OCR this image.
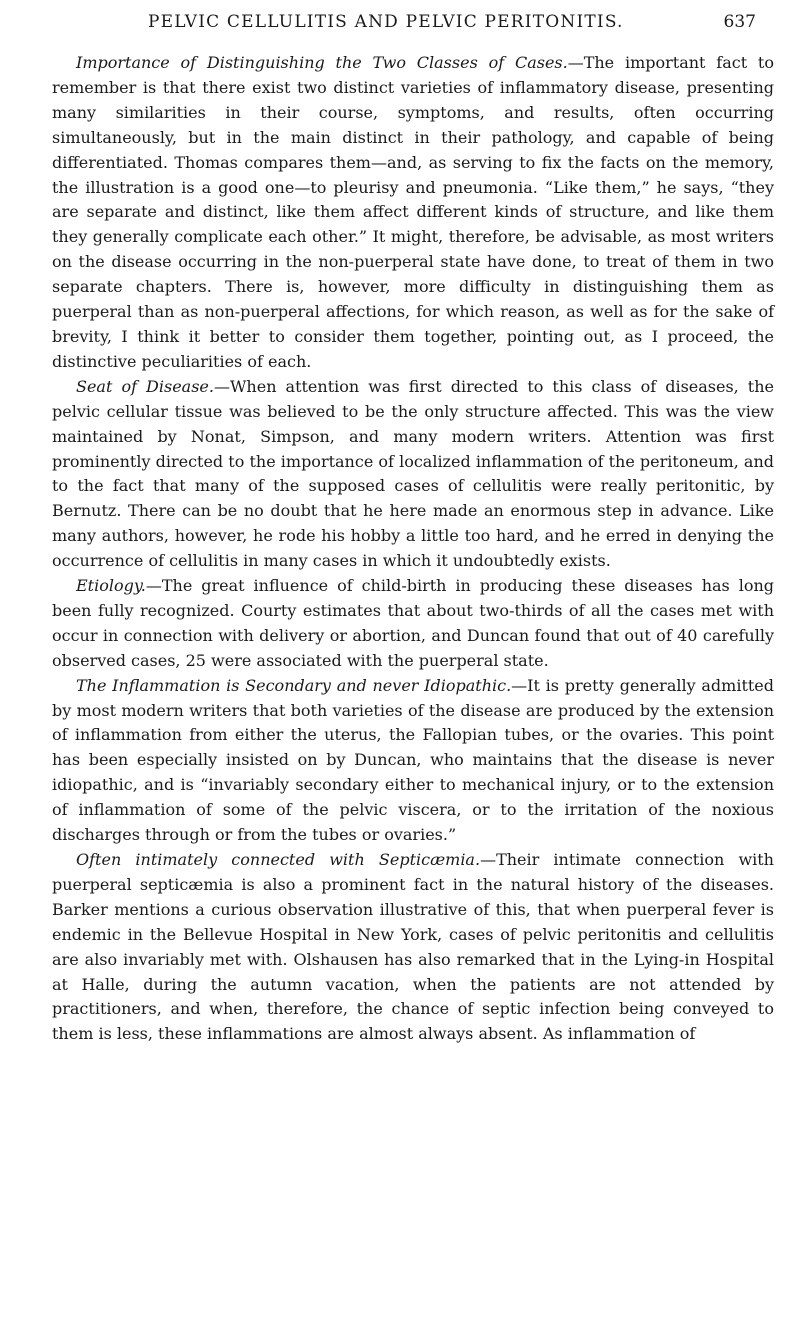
PELVIC CELLULITIS AND PELVIC PERITONITIS.	637

Importance of Distinguishing the Two Classes of Cases.—The important fact to remember is that there exist two distinct varieties of inflammatory disease, presenting many similarities in their course, symptoms, and results, often occurring simultaneously, but in the main distinct in their pathology, and capable of being differentiated. Thomas compares them—and, as serving to fix the facts on the memory, the illustration is a good one—to pleurisy and pneumonia. “Like them,” he says, “they are separate and distinct, like them affect different kinds of structure, and like them they generally complicate each other.” It might, therefore, be advisable, as most writers on the disease occurring in the non-puerperal state have done, to treat of them in two separate chapters. There is, however, more difficulty in distinguishing them as puerperal than as non-puerperal affections, for which reason, as well as for the sake of brevity, I think it better to consider them together, pointing out, as I proceed, the distinctive peculiarities of each.

Seat of Disease.—When attention was first directed to this class of diseases, the pelvic cellular tissue was believed to be the only structure affected. This was the view maintained by Nonat, Simpson, and many modern writers. Attention was first prominently directed to the importance of localized inflammation of the peritoneum, and to the fact that many of the supposed cases of cellulitis were really peritonitic, by Bernutz. There can be no doubt that he here made an enormous step in advance. Like many authors, however, he rode his hobby a little too hard, and he erred in denying the occurrence of cellulitis in many cases in which it undoubtedly exists.

Etiology.—The great influence of child-birth in producing these diseases has long been fully recognized. Courty estimates that about two-thirds of all the cases met with occur in connection with delivery or abortion, and Duncan found that out of 40 carefully observed cases, 25 were associated with the puerperal state.

The Inflammation is Secondary and never Idiopathic.—It is pretty generally admitted by most modern writers that both varieties of the disease are produced by the extension of inflammation from either the uterus, the Fallopian tubes, or the ovaries. This point has been especially insisted on by Duncan, who maintains that the disease is never idiopathic, and is “invariably secondary either to mechanical injury, or to the extension of inflammation of some of the pelvic viscera, or to the irritation of the noxious discharges through or from the tubes or ovaries.”

Often intimately connected with Septicæmia.—Their intimate connection with puerperal septicæmia is also a prominent fact in the natural history of the diseases. Barker mentions a curious observation illustrative of this, that when puerperal fever is endemic in the Bellevue Hospital in New York, cases of pelvic peritonitis and cellulitis are also invariably met with. Olshausen has also remarked that in the Lying-in Hospital at Halle, during the autumn vacation, when the patients are not attended by practitioners, and when, therefore, the chance of septic infection being conveyed to them is less, these inflammations are almost always absent. As inflammation of
